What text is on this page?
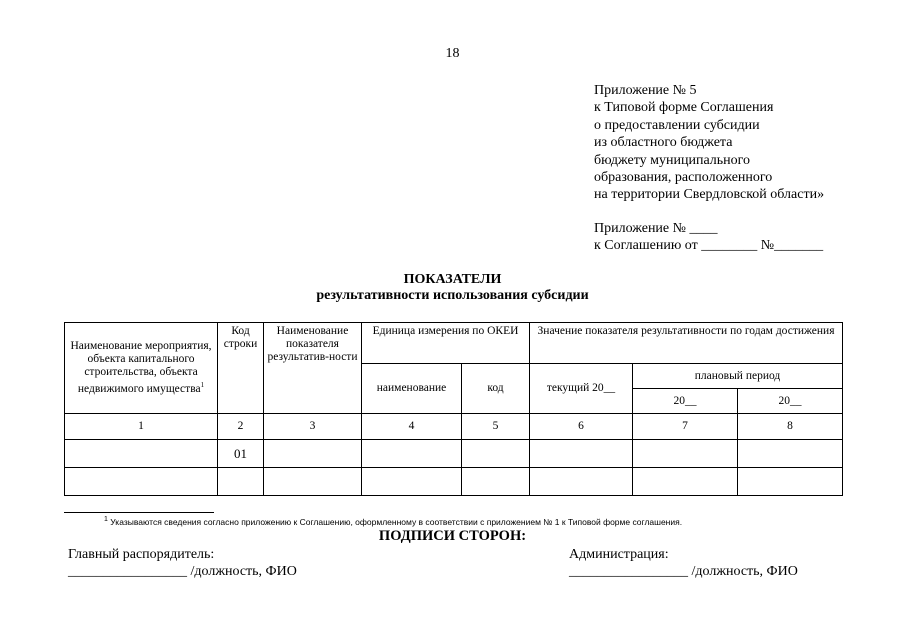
18
Приложение № 5
к Типовой форме Соглашения
о предоставлении субсидии
из областного бюджета
бюджету муниципального
образования, расположенного
на территории Свердловской области»
Приложение № ____
к Соглашению от ________ №_______
ПОКАЗАТЕЛИ
результативности использования субсидии
Наименование мероприятия, объекта капитального строительства, объекта недвижимого имущества$^1$	Код строки	Наименование показателя результатив-ности	Единица измерения по ОКЕИ		Значение показателя результативности по годам достижения		
			наименование	код	текущий 20__	плановый период	
						20__	20__
1	2	3	4	5	6	7	8
	01						

$^1$ Указываются сведения согласно приложению к Соглашению, оформленному в соответствии с приложением № 1 к Типовой форме соглашения.
ПОДПИСИ СТОРОН:
Главный распорядитель:
_________________ /должность, ФИО
Администрация:
_________________ /должность, ФИО
